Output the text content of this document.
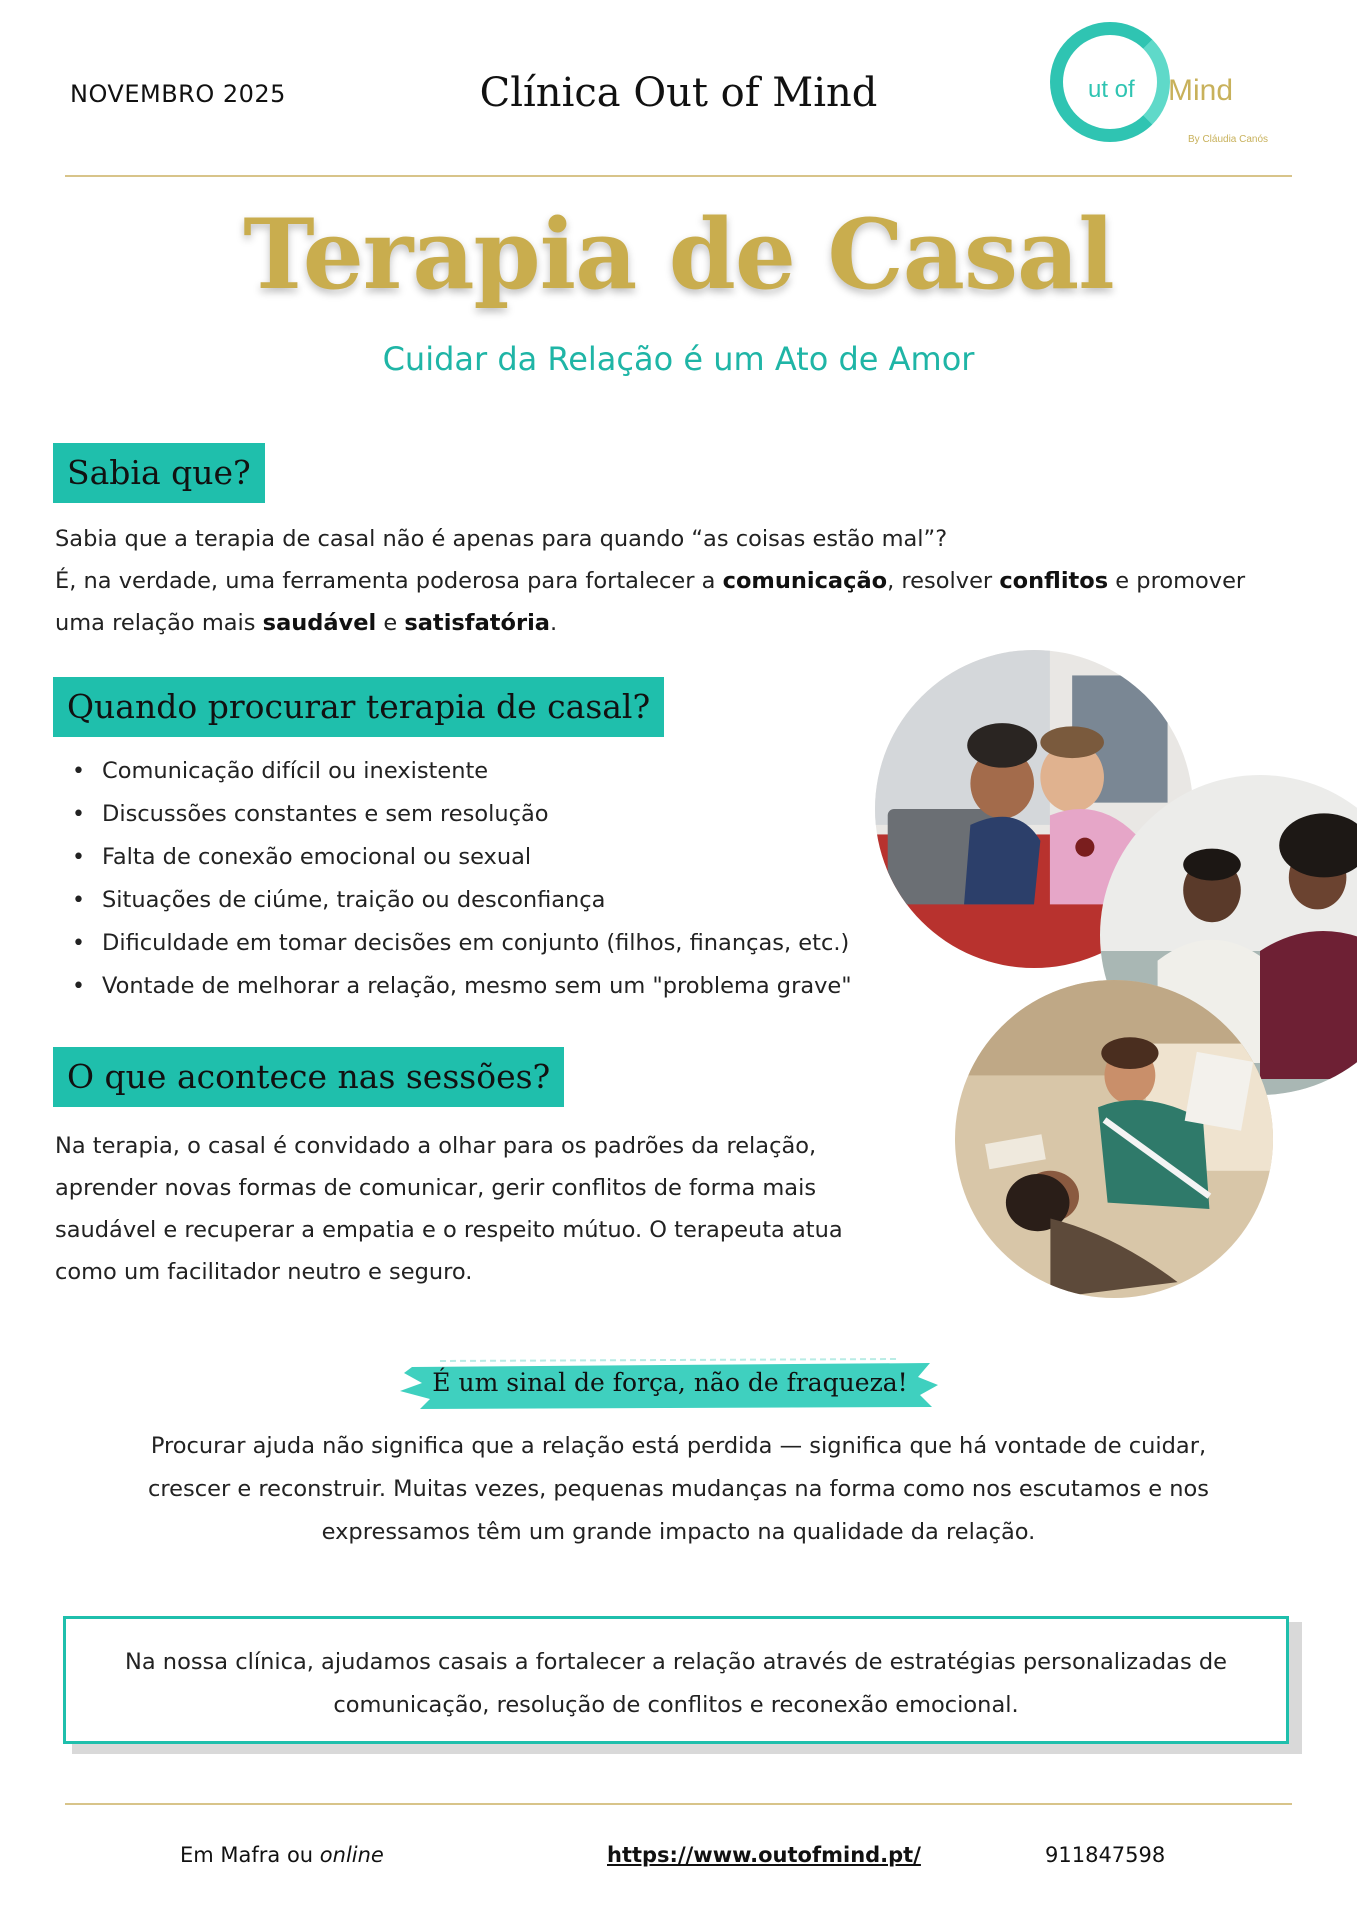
NOVEMBRO 2025	Clínica Out of Mind	ut of Mind
By Cláudia Canós
Terapia de Casal
Cuidar da Relação é um Ato de Amor
Sabia que?
Sabia que a terapia de casal não é apenas para quando “as coisas estão mal”?
É, na verdade, uma ferramenta poderosa para fortalecer a comunicação, resolver conflitos e promover
uma relação mais saudável e satisfatória.
Quando procurar terapia de casal?
• Comunicação difícil ou inexistente
• Discussões constantes e sem resolução
• Falta de conexão emocional ou sexual
• Situações de ciúme, traição ou desconfiança
• Dificuldade em tomar decisões em conjunto (filhos, finanças, etc.)
• Vontade de melhorar a relação, mesmo sem um "problema grave"
O que acontece nas sessões?
Na terapia, o casal é convidado a olhar para os padrões da relação,
aprender novas formas de comunicar, gerir conflitos de forma mais
saudável e recuperar a empatia e o respeito mútuo. O terapeuta atua
como um facilitador neutro e seguro.
É um sinal de força, não de fraqueza!
Procurar ajuda não significa que a relação está perdida — significa que há vontade de cuidar,
crescer e reconstruir. Muitas vezes, pequenas mudanças na forma como nos escutamos e nos
expressamos têm um grande impacto na qualidade da relação.
Na nossa clínica, ajudamos casais a fortalecer a relação através de estratégias personalizadas de
comunicação, resolução de conflitos e reconexão emocional.
Em Mafra ou online	https://www.outofmind.pt/	911847598
